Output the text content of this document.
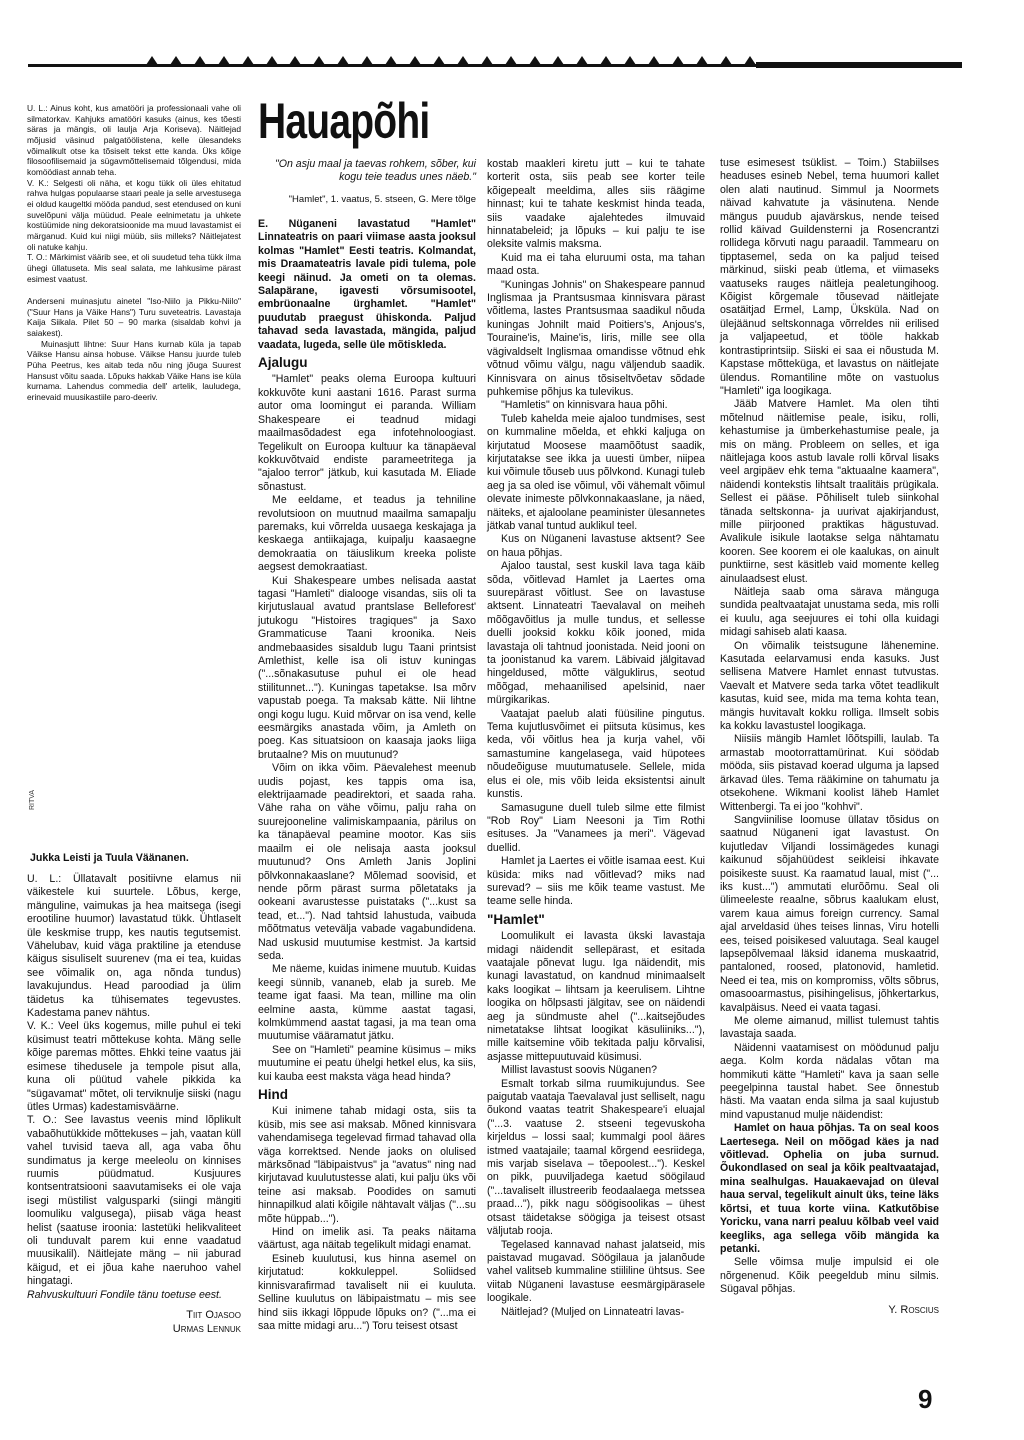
U. L.: Ainus koht, kus amatööri ja professionaali vahe oli silmatorkav. Kahjuks amatööri kasuks (ainus, kes tõesti säras ja mängis, oli laulja Arja Koriseva). Näitlejad mõjusid väsinud palgatöölistena, kelle ülesandeks võimalikult otse ka tõsiselt tekst ette kanda. Üks kõige filosoofilisemaid ja sügavmõttelisemaid tõlgendusi, mida komöödiast annab teha.

V. K.: Selgesti oli näha, et kogu tükk oli üles ehitatud rahva hulgas populaarse staari peale ja selle arvestusega ei oldud kaugeltki mööda pandud, sest etendused on kuni suvelõpuni välja müüdud. Peale eelnimetatu ja uhkete kostüümide ning dekoratsioonide ma muud lavastamist ei märganud. Kuid kui niigi müüb, siis milleks? Näitlejatest oli natuke kahju.

T. O.: Märkimist väärib see, et oli suudetud teha tükk ilma ühegi üllatuseta. Mis seal salata, me lahkusime pärast esimest vaatust.

Anderseni muinasjutu ainetel "Iso-Niilo ja Pikku-Niilo" ("Suur Hans ja Väike Hans") Turu suveteatris. Lavastaja Kaija Siikala. Pilet 50 – 90 marka (sisaldab kohvi ja saiakest).

Muinasjutt lihtne: Suur Hans kurnab küla ja tapab Väikse Hansu ainsa hobuse. Väikse Hansu juurde tuleb Püha Peetrus, kes aitab teda nõu ning jõuga Suurest Hansust võitu saada. Lõpuks hakkab Väike Hans ise küla kurnama. Lahendus commedia dell' artelik, lauludega, erinevaid muusikastiile paro-deeriv.

RITVA
Jukka Leisti ja Tuula Väänanen.

U. L.: Üllatavalt positiivne elamus nii väikestele kui suurtele. Lõbus, kerge, mänguline, vaimukas ja hea maitsega (isegi erootiline huumor) lavastatud tükk. Ühtlaselt üle keskmise trupp, kes nautis tegutsemist. Vähelubav, kuid väga praktiline ja etenduse käigus sisuliselt suurenev (ma ei tea, kuidas see võimalik on, aga nõnda tundus) lavakujundus. Head paroodiad ja ülim täidetus ka tühisemates tegevustes. Kadestama panev nähtus.

V. K.: Veel üks kogemus, mille puhul ei teki küsimust teatri mõttekuse kohta. Mäng selle kõige paremas mõttes. Ehkki teine vaatus jäi esimese tihedusele ja tempole pisut alla, kuna oli püütud vahele pikkida ka "sügavamat" mõtet, oli terviknulje siiski (nagu ütles Urmas) kadestamisväärne.

T. O.: See lavastus veenis mind lõplikult vabaõhutükkide mõttekuses – jah, vaatan küll vahel tuvisid taeva all, aga vaba õhu sundimatus ja kerge meeleolu on kinnises ruumis püüdmatud. Kusjuures kontsentratsiooni saavutamiseks ei ole vaja isegi müstilist valgusparki (siingi mängiti loomuliku valgusega), piisab väga heast helist (saatuse irooniа: lastetüki helikvaliteet oli tunduvalt parem kui enne vaadatud muusikalil). Näitlejate mäng – nii jaburad käigud, et ei jõua kahe naeruhoo vahel hingatagi.

Rahvuskultuuri Fondile tänu toetuse eest.

Tiit Ojasoo
Urmas Lennuk
Hauapõhi
"On asju maal ja taevas rohkem, sõber, kui kogu teie teadus unes näeb."
"Hamlet", 1. vaatus, 5. stseen, G. Mere tõlge

E. Nüganeni lavastatud "Hamlet" Linnateatris on paari viimase aasta jooksul kolmas "Hamlet" Eesti teatris. Kolmandat, mis Draamateatris lavale pidi tulema, pole keegi näinud. Ja ometi on ta olemas. Salapärane, igavesti võrsumisootel, embrüonaalne ürghamlet. "Hamlet" puudutab praegust ühiskonda. Paljud tahavad seda lavastada, mängida, paljud vaadata, lugeda, selle üle mõtiskleda.

Ajalugu

"Hamlet" peaks olema Euroopa kultuuri kokkuvõte kuni aastani 1616. Parast surma autor oma loomingut ei paranda. William Shakespeare ei teadnud midagi maailmasõdadest ega infotehnoloogiast. Tegelikult on Euroopa kultuur ka tänapäeval kokkuvõtvaid endiste parameetritega ja "ajaloo terror" jätkub, kui kasutada M. Eliade sõnastust.

Me eeldame, et teadus ja tehniline revolutsioon on muutnud maailma samapalju paremaks, kui võrrelda uusaega keskajaga ja keskaega antiikajaga, kuipalju kaasaegne demokraatia on täiuslikum kreeka poliste aegsest demokraatiast.

Kui Shakespeare umbes nelisada aastat tagasi "Hamleti" dialooge visandas, siis oli ta kirjutuslaual avatud prantslase Belleforest' jutukogu "Histoires tragiques" ja Saxo Grammaticuse Taani kroonika. Neis andmebaasides sisaldub lugu Taani printsist Amlethist, kelle isa oli istuv kuningas ("...sõnakasutuse puhul ei ole head stiilitunnet..."). Kuningas tapetakse. Isa mõrv vapustab poega. Ta maksab kätte. Nii lihtne ongi kogu lugu. Kuid mõrvar on isa vend, kelle eesmärgiks anastada võim, ja Amleth on poeg. Kas situatsioon on kaasaja jaoks liiga brutaalne? Mis on muutunud?

Võim on ikka võim. Päevalehest meenub uudis pojast, kes tappis oma isa, elektrijaamade peadirektori, et saada raha. Vähe raha on vähe võimu, palju raha on suurejooneline valimiskampaania, pärilus on ka tänapäeval peamine mootor. Kas siis maailm ei ole nelisaja aasta jooksul muutunud? Ons Amleth Janis Joplini põlvkonnakaaslane? Mõlemad soovisid, et nende põrm pärast surma põletataks ja ookeani avarustesse puistataks ("...kust sa tead, et..."). Nad tahtsid lahustuda, vaibuda mõõtmatus vetevälja vabade vagabundidena. Nad uskusid muutumise kestmist. Ja kartsid seda.

Me näeme, kuidas inimene muutub. Kuidas keegi sünnib, vananeb, elab ja sureb. Me teame igat faasi. Ma tean, milline ma olin eelmine aasta, kümme aastat tagasi, kolmkümmend aastat tagasi, ja ma tean oma muutumise vääramatut jätku.

See on "Hamleti" peamine küsimus – miks muutumine ei peatu ühelgi hetkel elus, ka siis, kui kauba eest maksta väga head hinda?

Hind

Kui inimene tahab midagi osta, siis ta küsib, mis see asi maksab. Mõned kinnisvara vahendamisega tegelevad firmad tahavad olla väga korrektsed. Nende jaoks on olulised märksõnad "läbipaistvus" ja "avatus" ning nad kirjutavad kuulutustesse alati, kui palju üks või teine asi maksab. Poodides on samuti hinnapilkud alati kõigile nähtavalt väljas ("...su mõte hüppab...").

Hind on imelik asi. Ta peaks näitama väärtust, aga näitab tegelikult midagi enamat.

Esineb kuulutusi, kus hinna asemel on kirjutatud: kokkuleppel. Soliidsed kinnisvarafirmad tavaliselt nii ei kuuluta. Selline kuulutus on läbipaistmatu – mis see hind siis ikkagi lõppude lõpuks on? ("...ma ei saa mitte midagi aru...") Toru teisest otsast

kostab maakleri kiretu jutt – kui te tahate korterit osta, siis peab see korter teile kõigepealt meeldima, alles siis räägime hinnast; kui te tahate keskmist hinda teada, siis vaadake ajalehtedes ilmuvaid hinnatabeleid; ja lõpuks – kui palju te ise oleksite valmis maksma.

Kuid ma ei taha eluruumi osta, ma tahan maad osta.

"Kuningas Johnis" on Shakespeare pannud Inglismaa ja Prantsusmaa kinnisvara pärast võitlema, lastes Prantsusmaa saadikul nõuda kuningas Johnilt maid Poitiers's, Anjous's, Touraine'is, Maine'is, Iiris, mille see olla vägivaldselt Inglismaa omandisse võtnud ehk võtnud võimu välgu, nagu väljendub saadik. Kinnisvara on ainus tõsiseltvõetav sõdade puhkemise põhjus ka tulevikus.

"Hamletis" on kinnisvara haua põhi.

Tuleb kahelda meie ajaloo tundmises, sest on kummaline mõelda, et ehkki kaljuga on kirjutatud Moosese maamõõtust saadik, kirjutatakse see ikka ja uuesti ümber, niipea kui võimule tõuseb uus põlvkond. Kunagi tuleb aeg ja sa oled ise võimul, või vähemalt võimul olevate inimeste põlvkonnakaaslane, ja näed, näiteks, et ajaloolane peaminister ülesannetes jätkab vanal tuntud auklikul teel.

Kus on Nüganeni lavastuse aktsent? See on haua põhjas.

Ajaloo taustal, sest kuskil lava taga käib sõda, võitlevad Hamlet ja Laertes oma suurepärast võitlust. See on lavastuse aktsent. Linnateatri Taevalaval on meiheh mõõgavõitlus ja mulle tundus, et sellesse duelli jooksid kokku kõik jooned, mida lavastaja oli tahtnud joonistada. Neid jooni on ta joonistanud ka varem. Läbivaid jälgitavad hingeldused, mõtte välguklirus, seotud mõõgad, mehaanilised apelsinid, naer mürgikarikas.

Vaatajat paelub alati füüsiline pingutus. Tema kujutlusvõimet ei piitsuta küsimus, kes keda, või võitlus hea ja kurja vahel, või samastumine kangelasega, vaid hüpotees nõudeõiguse muutumatusele. Sellele, mida elus ei ole, mis võib leida eksistentsi ainult kunstis.

Samasugune duell tuleb silme ette filmist "Rob Roy" Liam Neesoni ja Tim Rothi esituses. Ja "Vanamees ja meri". Vägevad duellid.

Hamlet ja Laertes ei võitle isamaa eest. Kui küsida: miks nad võitlevad? miks nad surevad? – siis me kõik teame vastust. Me teame selle hinda.

"Hamlet"

Loomulikult ei lavasta ükski lavastaja midagi näidendit sellepärast, et esitada vaatajale põnevat lugu. Iga näidendit, mis kunagi lavastatud, on kandnud minimaalselt kaks loogikat – lihtsam ja keerulisem. Lihtne loogika on hõlpsasti jälgitav, see on näidendi aeg ja sündmuste ahel ("...kaitsejõudes nimetatakse lihtsat loogikat käsuliiniks..."), mille kaitsemine võib tekitada palju kõrvalisi, asjasse mittepuutuvaid küsimusi.

Millist lavastust soovis Nüganen?

Esmalt torkab silma ruumikujundus. See paigutab vaataja Taevalaval just selliselt, nagu õukond vaatas teatrit Shakespeare'i eluajal ("...3. vaatuse 2. stseeni tegevuskoha kirjeldus – lossi saal; kummalgi pool ääres istmed vaatajaile; taamal kõrgend eesriidega, mis varjab siselava – tõepoolest..."). Keskel on pikk, puuviljadega kaetud söögilaud ("...tavaliselt illustreerib feodaalaega metssea praad..."), pikk nagu söögisoolikas – ühest otsast täidetakse söögiga ja teisest otsast väljutab rooja.

Tegelased kannavad nahast jalatseid, mis paistavad mugavad. Söögilaua ja jalanõude vahel valitseb kummaline stiililine ühtsus. See viitab Nüganeni lavastuse eesmärgipärasele loogikale.

Näitlejad? (Muljed on Linnateatri lavas-

tuse esimesest tsüklist. – Toim.) Stabiilses headuses esineb Nebel, tema huumori kallet olen alati nautinud. Simmul ja Noormets näivad kahvatute ja väsinutena. Nende mängus puudub ajavärskus, nende teised rollid käivad Guildensterni ja Rosencrantzi rollidega kõrvuti nagu paraadil. Tammearu on tipptasemel, seda on ka paljud teised märkinud, siiski peab ütlema, et viimaseks vaatuseks rauges näitleja pealetungihoog. Kõigist kõrgemale tõusevad näitlejate osatäitjad Ermel, Lamp, Üksküla. Nad on ülejäänud seltskonnaga võrreldes nii erilised ja valjapeetud, et tööle hakkab kontrastiprintsiip. Siiski ei saa ei nõustuda M. Kapstase mõtteküga, et lavastus on näitlejate ülendus. Romantiline mõte on vastuolus "Hamleti" iga loogikaga.

Jääb Matvere Hamlet. Ma olen tihti mõtelnud näitlemise peale, isiku, rolli, kehastumise ja ümberkehastumise peale, ja mis on mäng. Probleem on selles, et iga näitlejaga koos astub lavale rolli kõrval lisaks veel argipäev ehk tema "aktuaalne kaamera", näidendi kontekstis lihtsalt traalitäis prügikala. Sellest ei pääse. Põhiliselt tuleb siinkohal tänada seltskonna- ja uurivat ajakirjandust, mille piirjooned praktikas hägustuvad. Avalikule isikule laotakse selga nähtamatu kooren. See koorem ei ole kaalukas, on ainult punktiirne, sest käsitleb vaid momente kelleg ainulaadsest elust.

Näitleja saab oma särava mänguga sundida pealtvaatajat unustama seda, mis rolli ei kuulu, aga seejuures ei tohi olla kuidagi midagi sahiseb alati kaasa.

On võimalik teistsugune lähenemine. Kasutada eelarvamusi enda kasuks. Just sellisena Matvere Hamlet ennast tutvustas. Vaevalt et Matvere seda tarka võtet teadlikult kasutas, kuid see, mida ma tema kohta tean, mängis huvitavalt kokku rolliga. Ilmselt sobis ka kokku lavastustel loogikaga.

Niisiis mängib Hamlet lõõtspilli, laulab. Ta armastab mootorrattamürinat. Kui söödab mööda, siis pistavad koerad ulguma ja lapsed ärkavad üles. Tema rääkimine on tahumatu ja otsekohene. Wikmani koolist läheb Hamlet Wittenbergi. Ta ei joo "kohhvi".

Sangviinilise loomuse üllatav tõsidus on saatnud Nüganeni igat lavastust. On kujutledav Viljandi lossimägedes kunagi kaikunud sõjahüüdest seikleisi ihkavate poisikeste suust. Ka raamatud laual, mist ("... iks kust...") ammutati elurõõmu. Seal oli ülimeeleste reaalne, sõbrus kaalukam elust, varem kaua aimus foreign currency. Samal ajal arveldasid ühes teises linnas, Viru hotelli ees, teised poisikesed valuutaga. Seal kaugel lapsepõlvemaal läksid idanema muskaatrid, pantaloned, roosed, platonovid, hamletid. Need ei tea, mis on kompromiss, võlts sõbrus, omasooarmastus, pisihingelisus, jõhkertarkus, kavalpäisus. Need ei vaata tagasi.

Me oleme aimanud, millist tulemust tahtis lavastaja saada.

Näidenni vaatamisest on möödunud palju aega. Kolm korda nädalas võtan ma hommikuti kätte "Hamleti" kava ja saan selle peegelpinna taustal habet. See õnnestub hästi. Ma vaatan enda silma ja saal kujustub mind vapustanud mulje näidendist:

Hamlet on haua põhjas. Ta on seal koos Laertesega. Neil on mõõgad käes ja nad võitlevad. Ophelia on juba surnud. Õukondlased on seal ja kõik pealtvaatajad, mina sealhulgas. Hauakaevajad on üleval haua serval, tegelikult ainult üks, teine läks kõrtsi, et tuua korte viina. Katkutõbise Yoricku, vana narri pealuu kõlbab veel vaid keegliks, aga sellega võib mängida ka petanki.

Selle võimsa mulje impulsid ei ole nõrgenenud. Kõik peegeldub minu silmis. Sügaval põhjas.

Y. Roscius
9
